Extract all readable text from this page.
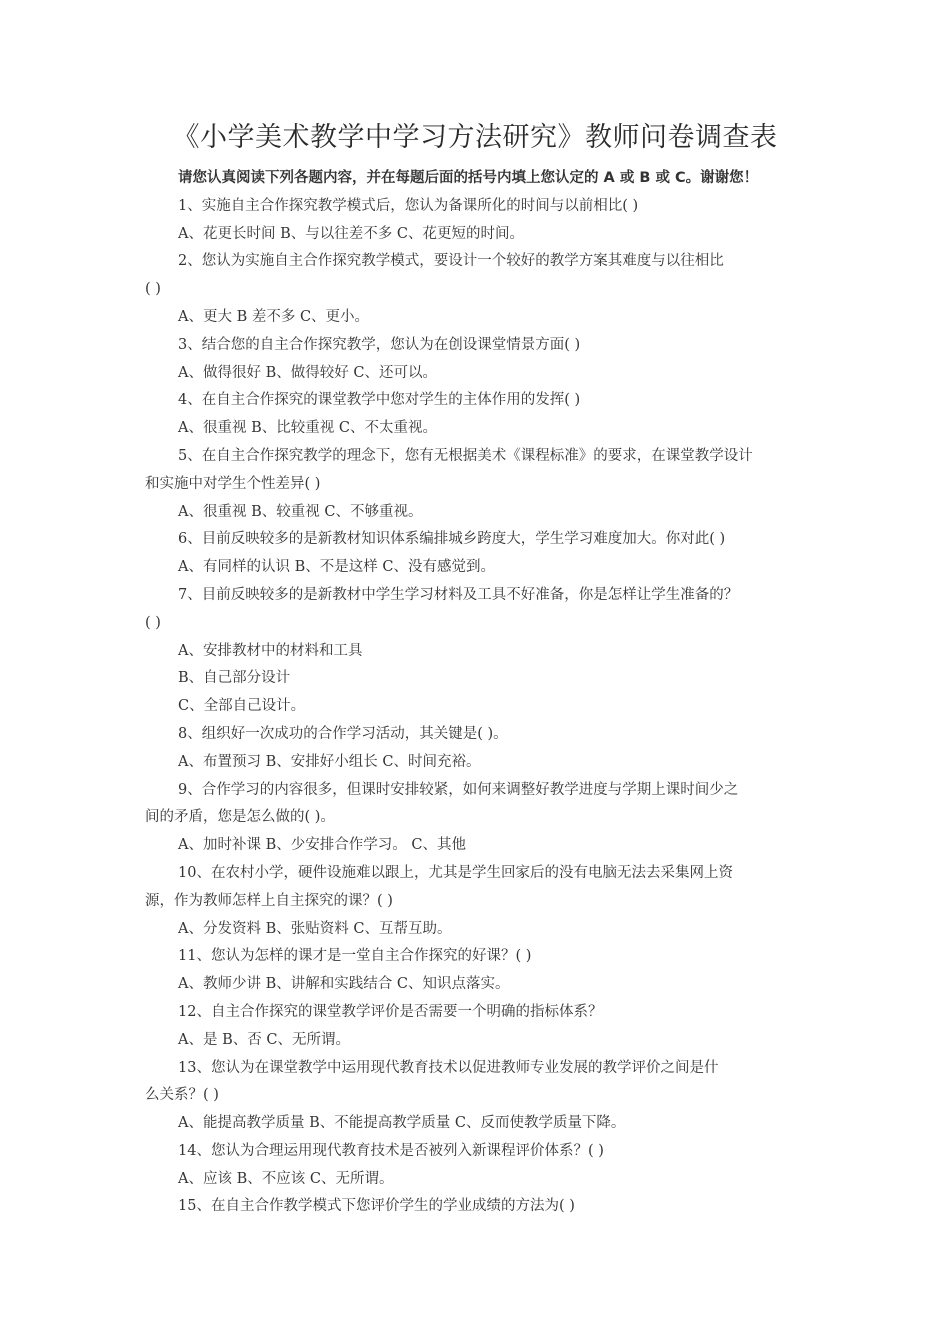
《小学美术教学中学习方法研究》教师问卷调查表
请您认真阅读下列各题内容，并在每题后面的括号内填上您认定的 A 或 B 或 C。谢谢您！
1、实施自主合作探究教学模式后，您认为备课所化的时间与以前相比( )
A、花更长时间 B、与以往差不多 C、花更短的时间。
2、您认为实施自主合作探究教学模式，要设计一个较好的教学方案其难度与以往相比
( )
A、更大 B 差不多 C、更小。
3、结合您的自主合作探究教学，您认为在创设课堂情景方面( )
A、做得很好 B、做得较好 C、还可以。
4、在自主合作探究的课堂教学中您对学生的主体作用的发挥( )
A、很重视 B、比较重视 C、不太重视。
5、在自主合作探究教学的理念下，您有无根据美术《课程标准》的要求，在课堂教学设计
和实施中对学生个性差异( )
A、很重视 B、较重视 C、不够重视。
6、目前反映较多的是新教材知识体系编排城乡跨度大，学生学习难度加大。你对此( )
A、有同样的认识 B、不是这样 C、没有感觉到。
7、目前反映较多的是新教材中学生学习材料及工具不好准备，你是怎样让学生准备的？
( )
A、安排教材中的材料和工具
B、自己部分设计
C、全部自己设计。
8、组织好一次成功的合作学习活动，其关键是( )。
A、布置预习 B、安排好小组长 C、时间充裕。
9、合作学习的内容很多，但课时安排较紧，如何来调整好教学进度与学期上课时间少之
间的矛盾，您是怎么做的( )。
A、加时补课 B、少安排合作学习。 C、其他
10、在农村小学，硬件设施难以跟上，尤其是学生回家后的没有电脑无法去采集网上资
源，作为教师怎样上自主探究的课？( )
A、分发资料 B、张贴资料 C、互帮互助。
11、您认为怎样的课才是一堂自主合作探究的好课？( )
A、教师少讲 B、讲解和实践结合 C、知识点落实。
12、自主合作探究的课堂教学评价是否需要一个明确的指标体系？
A、是 B、否 C、无所谓。
13、您认为在课堂教学中运用现代教育技术以促进教师专业发展的教学评价之间是什
么关系？( )
A、能提高教学质量 B、不能提高教学质量 C、反而使教学质量下降。
14、您认为合理运用现代教育技术是否被列入新课程评价体系？( )
A、应该 B、不应该 C、无所谓。
15、在自主合作教学模式下您评价学生的学业成绩的方法为( )
